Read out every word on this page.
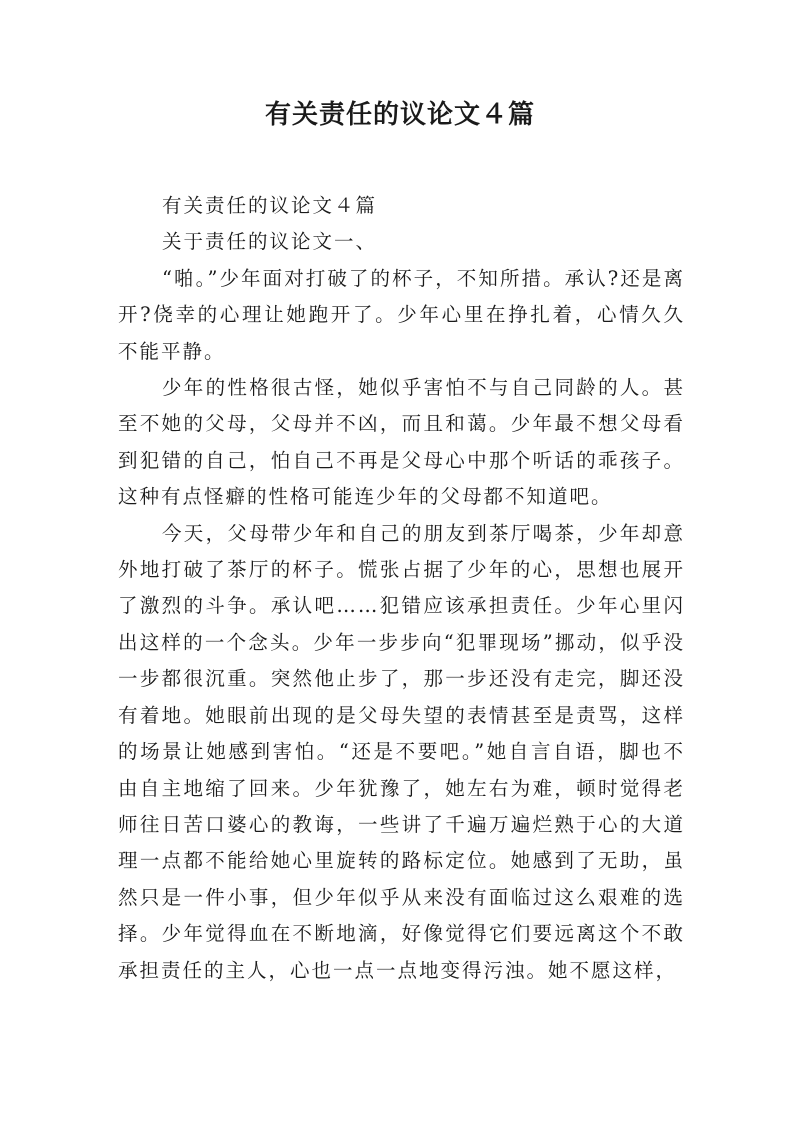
有关责任的议论文４篇

有关责任的议论文４篇

关于责任的议论文一、

“啪。”少年面对打破了的杯子，不知所措。承认?还是离开?侥幸的心理让她跑开了。少年心里在挣扎着，心情久久不能平静。

少年的性格很古怪，她似乎害怕不与自己同龄的人。甚至不她的父母，父母并不凶，而且和蔼。少年最不想父母看到犯错的自己，怕自己不再是父母心中那个听话的乖孩子。这种有点怪癖的性格可能连少年的父母都不知道吧。

今天，父母带少年和自己的朋友到茶厅喝茶，少年却意外地打破了茶厅的杯子。慌张占据了少年的心，思想也展开了激烈的斗争。承认吧……犯错应该承担责任。少年心里闪出这样的一个念头。少年一步步向“犯罪现场”挪动，似乎没一步都很沉重。突然他止步了，那一步还没有走完，脚还没有着地。她眼前出现的是父母失望的表情甚至是责骂，这样的场景让她感到害怕。“还是不要吧。”她自言自语，脚也不由自主地缩了回来。少年犹豫了，她左右为难，顿时觉得老师往日苦口婆心的教诲，一些讲了千遍万遍烂熟于心的大道理一点都不能给她心里旋转的路标定位。她感到了无助，虽然只是一件小事，但少年似乎从来没有面临过这么艰难的选择。少年觉得血在不断地滴，好像觉得它们要远离这个不敢承担责任的主人，心也一点一点地变得污浊。她不愿这样，
